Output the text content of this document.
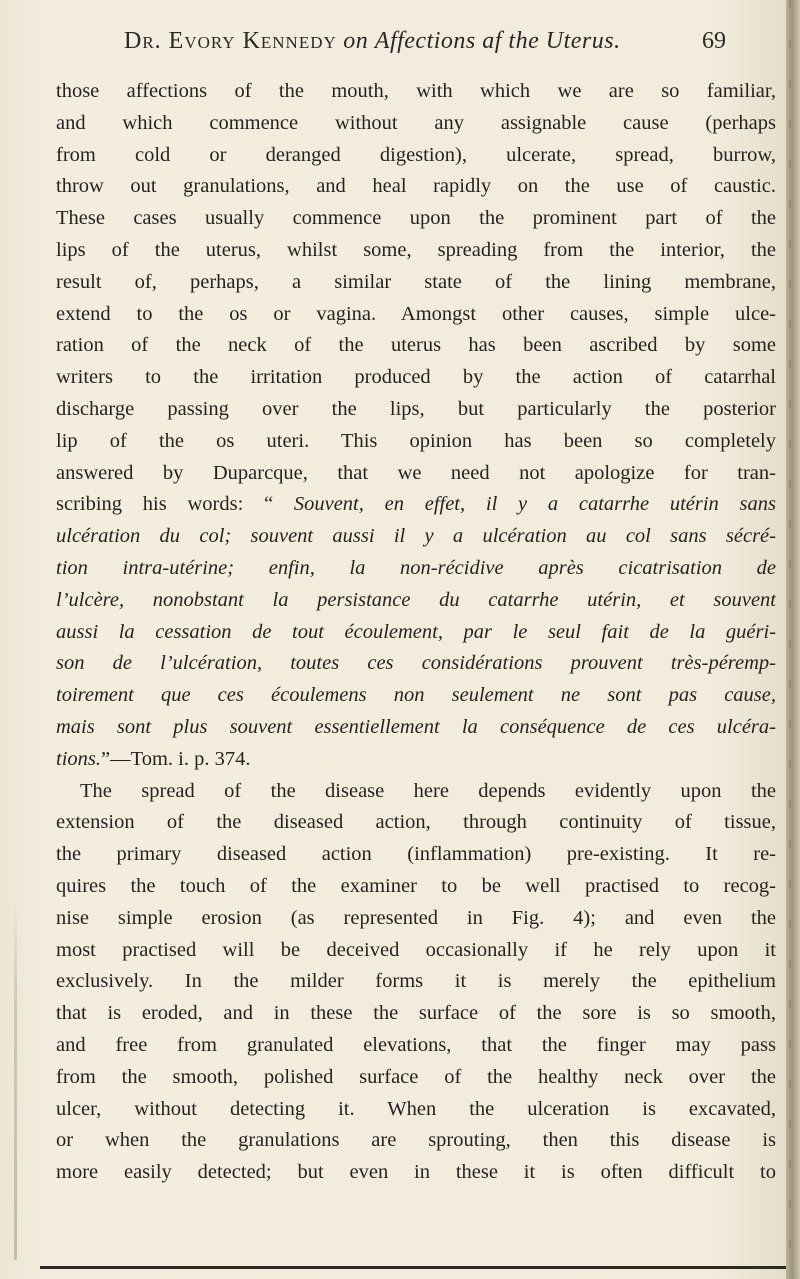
Dr. Evory Kennedy on Affections af the Uterus.	69
those affections of the mouth, with which we are so familiar,
and which commence without any assignable cause (perhaps
from cold or deranged digestion), ulcerate, spread, burrow,
throw out granulations, and heal rapidly on the use of caustic.
These cases usually commence upon the prominent part of the
lips of the uterus, whilst some, spreading from the interior, the
result of, perhaps, a similar state of the lining membrane,
extend to the os or vagina. Amongst other causes, simple ulce-
ration of the neck of the uterus has been ascribed by some
writers to the irritation produced by the action of catarrhal
discharge passing over the lips, but particularly the posterior
lip of the os uteri. This opinion has been so completely
answered by Duparcque, that we need not apologize for tran-
scribing his words: “ Souvent, en effet, il y a catarrhe utérin sans
ulcération du col; souvent aussi il y a ulcération au col sans sécré-
tion intra-utérine; enfin, la non-récidive après cicatrisation de
l’ulcère, nonobstant la persistance du catarrhe utérin, et souvent
aussi la cessation de tout écoulement, par le seul fait de la guéri-
son de l’ulcération, toutes ces considérations prouvent très-péremp-
toirement que ces écoulemens non seulement ne sont pas cause,
mais sont plus souvent essentiellement la conséquence de ces ulcéra-
tions.”—Tom. i. p. 374.
The spread of the disease here depends evidently upon the
extension of the diseased action, through continuity of tissue,
the primary diseased action (inflammation) pre-existing. It re-
quires the touch of the examiner to be well practised to recog-
nise simple erosion (as represented in Fig. 4); and even the
most practised will be deceived occasionally if he rely upon it
exclusively. In the milder forms it is merely the epithelium
that is eroded, and in these the surface of the sore is so smooth,
and free from granulated elevations, that the finger may pass
from the smooth, polished surface of the healthy neck over the
ulcer, without detecting it. When the ulceration is excavated,
or when the granulations are sprouting, then this disease is
more easily detected; but even in these it is often difficult to
